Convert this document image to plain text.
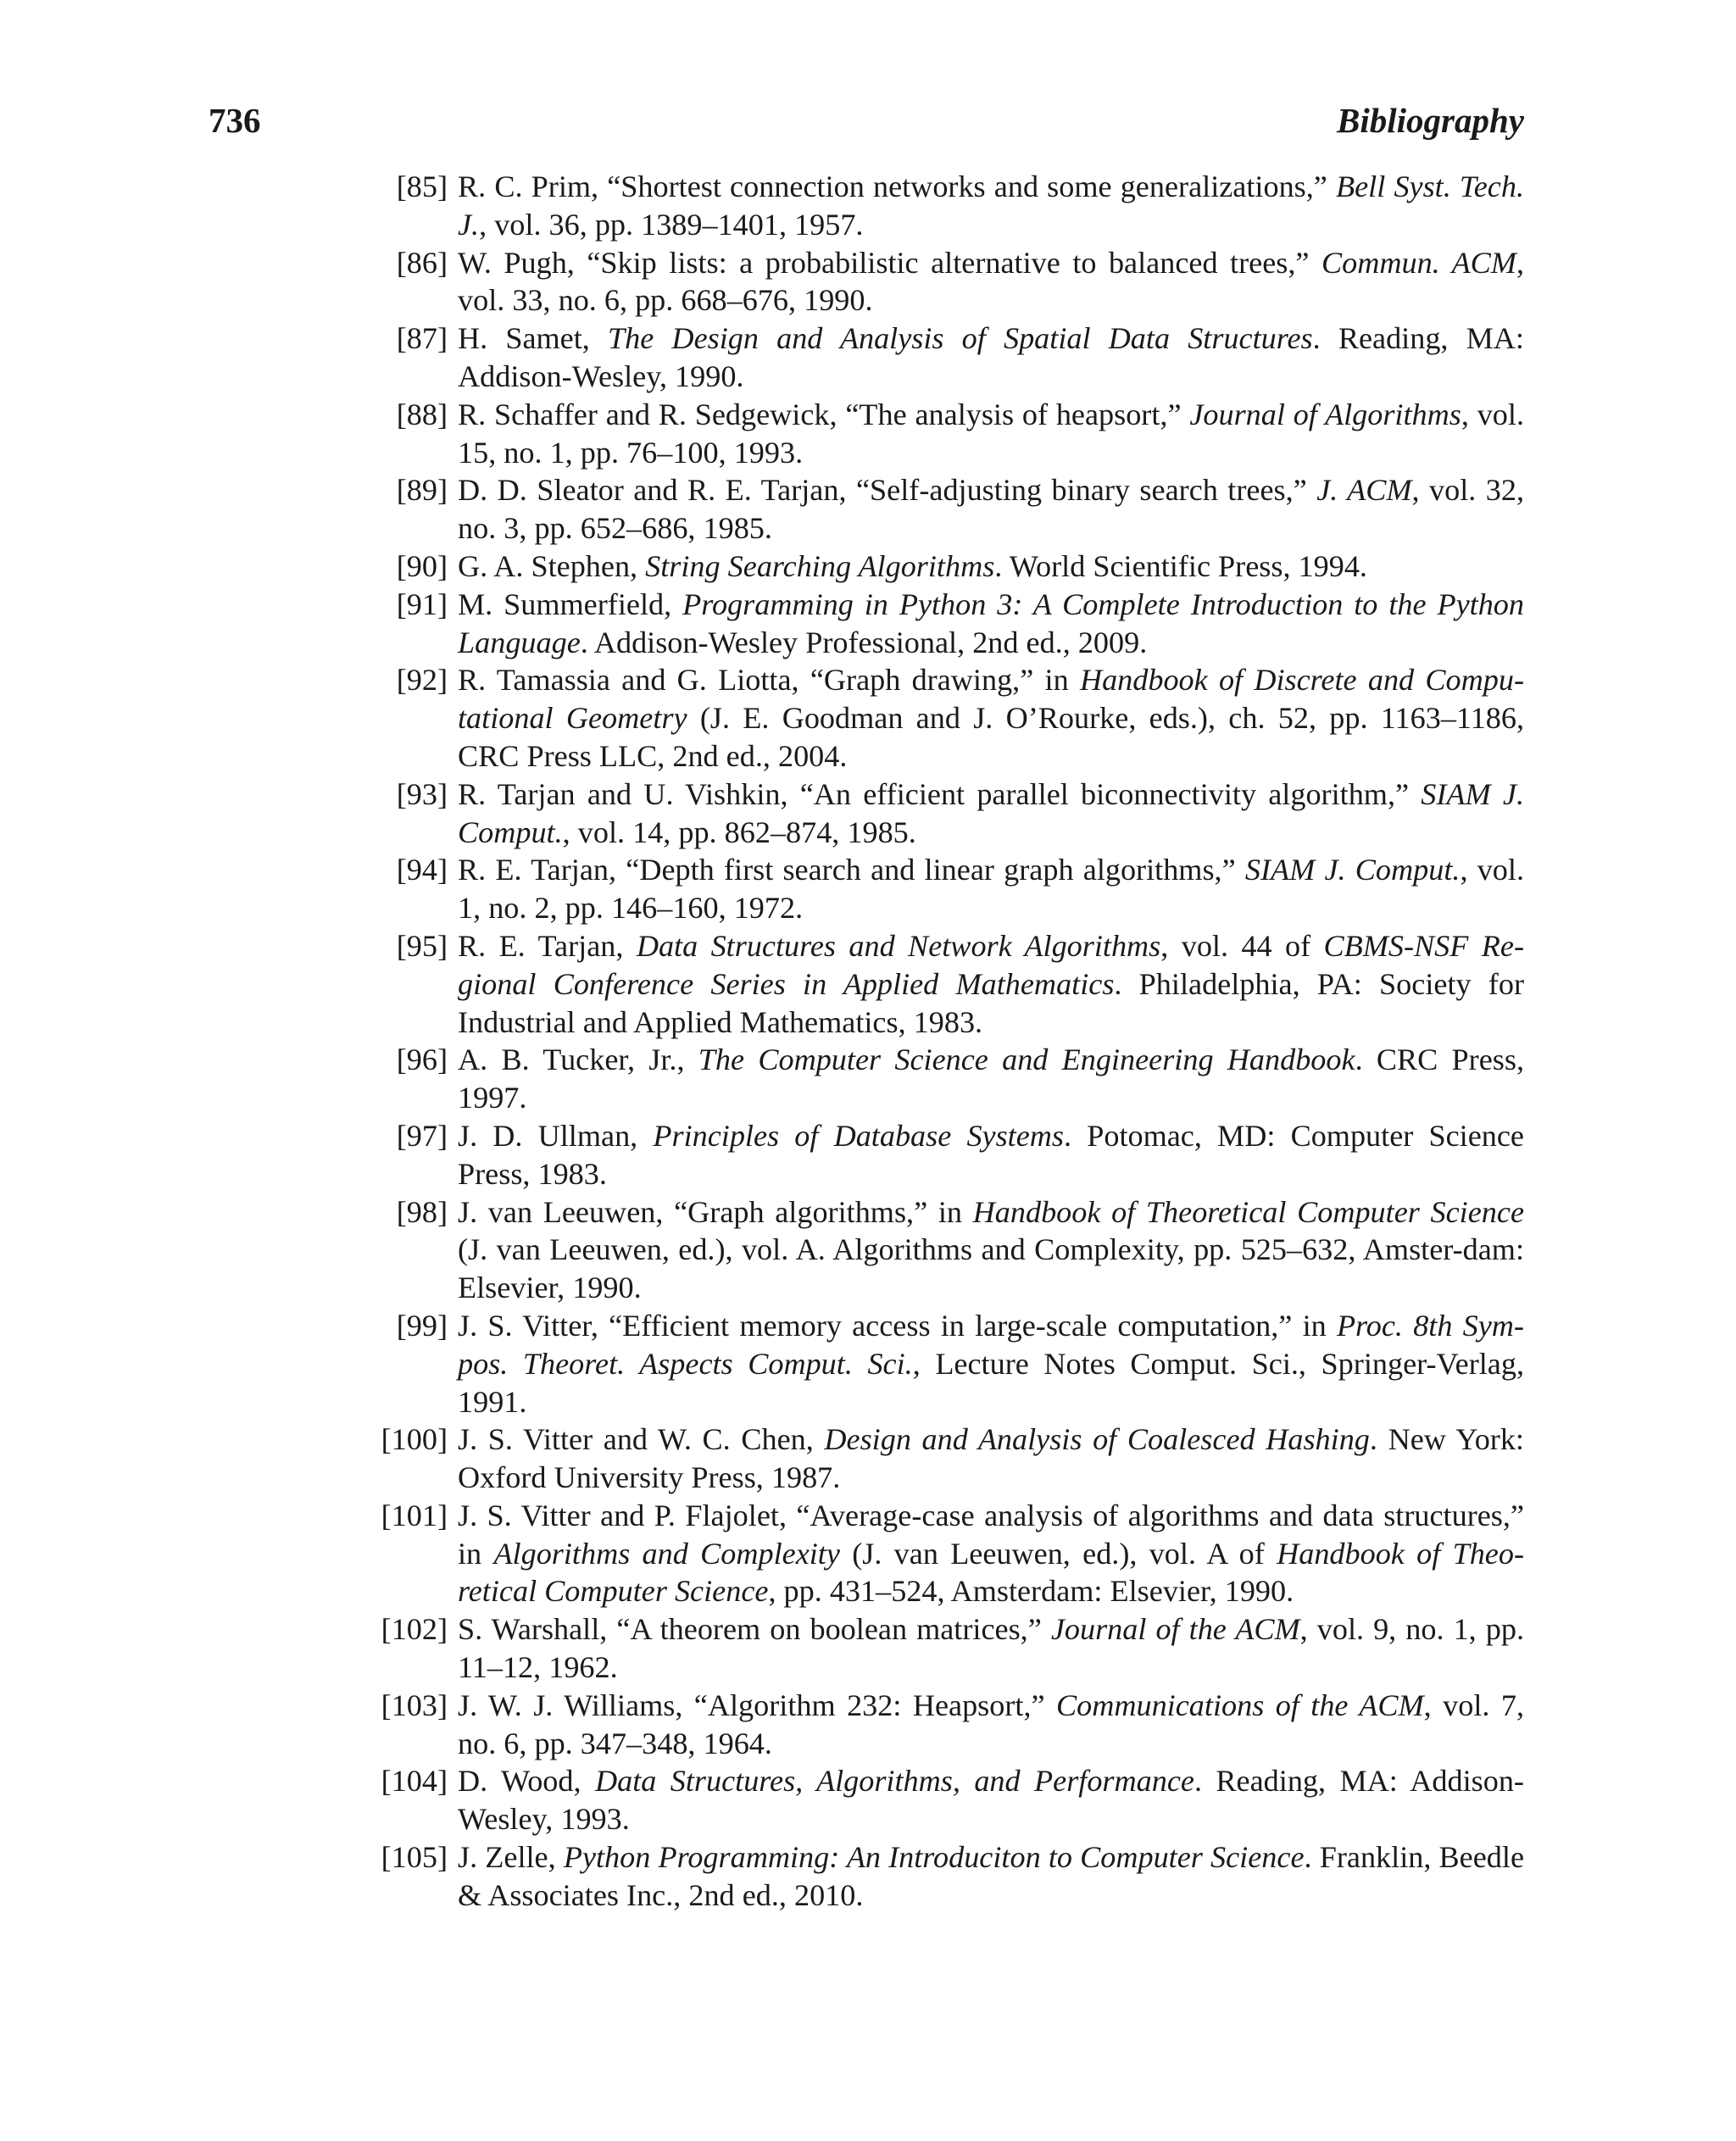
736	Bibliography
[85] R. C. Prim, “Shortest connection networks and some generalizations,” Bell Syst. Tech. J., vol. 36, pp. 1389–1401, 1957.
[86] W. Pugh, “Skip lists: a probabilistic alternative to balanced trees,” Commun. ACM, vol. 33, no. 6, pp. 668–676, 1990.
[87] H. Samet, The Design and Analysis of Spatial Data Structures. Reading, MA: Addison-Wesley, 1990.
[88] R. Schaffer and R. Sedgewick, “The analysis of heapsort,” Journal of Algorithms, vol. 15, no. 1, pp. 76–100, 1993.
[89] D. D. Sleator and R. E. Tarjan, “Self-adjusting binary search trees,” J. ACM, vol. 32, no. 3, pp. 652–686, 1985.
[90] G. A. Stephen, String Searching Algorithms. World Scientific Press, 1994.
[91] M. Summerfield, Programming in Python 3: A Complete Introduction to the Python Language. Addison-Wesley Professional, 2nd ed., 2009.
[92] R. Tamassia and G. Liotta, “Graph drawing,” in Handbook of Discrete and Compu-tational Geometry (J. E. Goodman and J. O’Rourke, eds.), ch. 52, pp. 1163–1186, CRC Press LLC, 2nd ed., 2004.
[93] R. Tarjan and U. Vishkin, “An efficient parallel biconnectivity algorithm,” SIAM J. Comput., vol. 14, pp. 862–874, 1985.
[94] R. E. Tarjan, “Depth first search and linear graph algorithms,” SIAM J. Comput., vol. 1, no. 2, pp. 146–160, 1972.
[95] R. E. Tarjan, Data Structures and Network Algorithms, vol. 44 of CBMS-NSF Re-gional Conference Series in Applied Mathematics. Philadelphia, PA: Society for Industrial and Applied Mathematics, 1983.
[96] A. B. Tucker, Jr., The Computer Science and Engineering Handbook. CRC Press, 1997.
[97] J. D. Ullman, Principles of Database Systems. Potomac, MD: Computer Science Press, 1983.
[98] J. van Leeuwen, “Graph algorithms,” in Handbook of Theoretical Computer Science (J. van Leeuwen, ed.), vol. A. Algorithms and Complexity, pp. 525–632, Amster-dam: Elsevier, 1990.
[99] J. S. Vitter, “Efficient memory access in large-scale computation,” in Proc. 8th Sym-pos. Theoret. Aspects Comput. Sci., Lecture Notes Comput. Sci., Springer-Verlag, 1991.
[100] J. S. Vitter and W. C. Chen, Design and Analysis of Coalesced Hashing. New York: Oxford University Press, 1987.
[101] J. S. Vitter and P. Flajolet, “Average-case analysis of algorithms and data structures,” in Algorithms and Complexity (J. van Leeuwen, ed.), vol. A of Handbook of Theo-retical Computer Science, pp. 431–524, Amsterdam: Elsevier, 1990.
[102] S. Warshall, “A theorem on boolean matrices,” Journal of the ACM, vol. 9, no. 1, pp. 11–12, 1962.
[103] J. W. J. Williams, “Algorithm 232: Heapsort,” Communications of the ACM, vol. 7, no. 6, pp. 347–348, 1964.
[104] D. Wood, Data Structures, Algorithms, and Performance. Reading, MA: Addison-Wesley, 1993.
[105] J. Zelle, Python Programming: An Introduciton to Computer Science. Franklin, Beedle & Associates Inc., 2nd ed., 2010.
